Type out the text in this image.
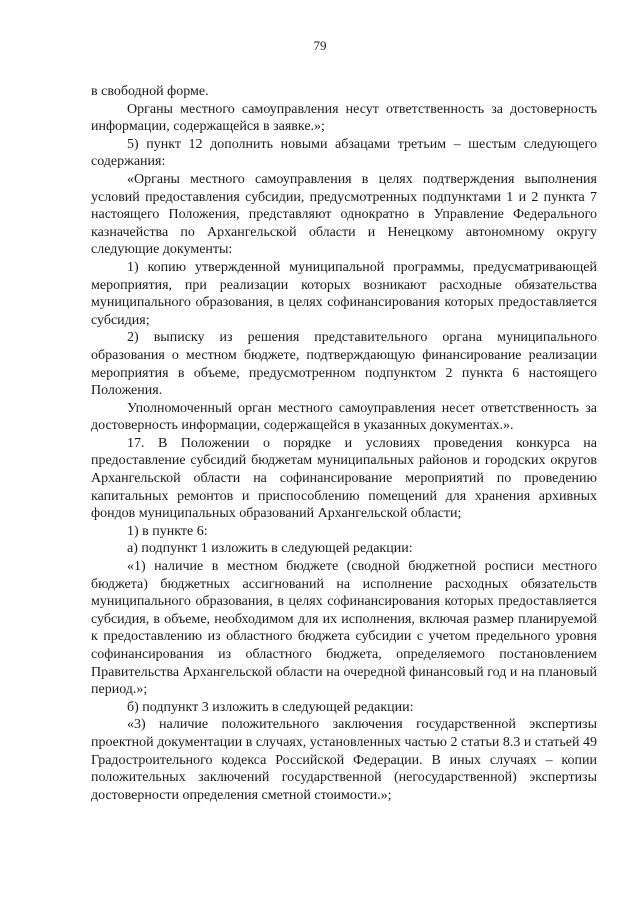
79

в свободной форме.

Органы местного самоуправления несут ответственность за достоверность информации, содержащейся в заявке.»;

5) пункт 12 дополнить новыми абзацами третьим – шестым следующего содержания:

«Органы местного самоуправления в целях подтверждения выполнения условий предоставления субсидии, предусмотренных подпунктами 1 и 2 пункта 7 настоящего Положения, представляют однократно в Управление Федерального казначейства по Архангельской области и Ненецкому автономному округу следующие документы:

1) копию утвержденной муниципальной программы, предусматривающей мероприятия, при реализации которых возникают расходные обязательства муниципального образования, в целях софинансирования которых предоставляется субсидия;

2) выписку из решения представительного органа муниципального образования о местном бюджете, подтверждающую финансирование реализации мероприятия в объеме, предусмотренном подпунктом 2 пункта 6 настоящего Положения.

Уполномоченный орган местного самоуправления несет ответственность за достоверность информации, содержащейся в указанных документах.».

17. В Положении о порядке и условиях проведения конкурса на предоставление субсидий бюджетам муниципальных районов и городских округов Архангельской области на софинансирование мероприятий по проведению капитальных ремонтов и приспособлению помещений для хранения архивных фондов муниципальных образований Архангельской области;

1) в пункте 6:

а) подпункт 1 изложить в следующей редакции:

«1) наличие в местном бюджете (сводной бюджетной росписи местного бюджета) бюджетных ассигнований на исполнение расходных обязательств муниципального образования, в целях софинансирования которых предоставляется субсидия, в объеме, необходимом для их исполнения, включая размер планируемой к предоставлению из областного бюджета субсидии с учетом предельного уровня софинансирования из областного бюджета, определяемого постановлением Правительства Архангельской области на очередной финансовый год и на плановый период.»;

б) подпункт 3 изложить в следующей редакции:

«3) наличие положительного заключения государственной экспертизы проектной документации в случаях, установленных частью 2 статьи 8.3 и статьей 49 Градостроительного кодекса Российской Федерации. В иных случаях – копии положительных заключений государственной (негосударственной) экспертизы достоверности определения сметной стоимости.»;
